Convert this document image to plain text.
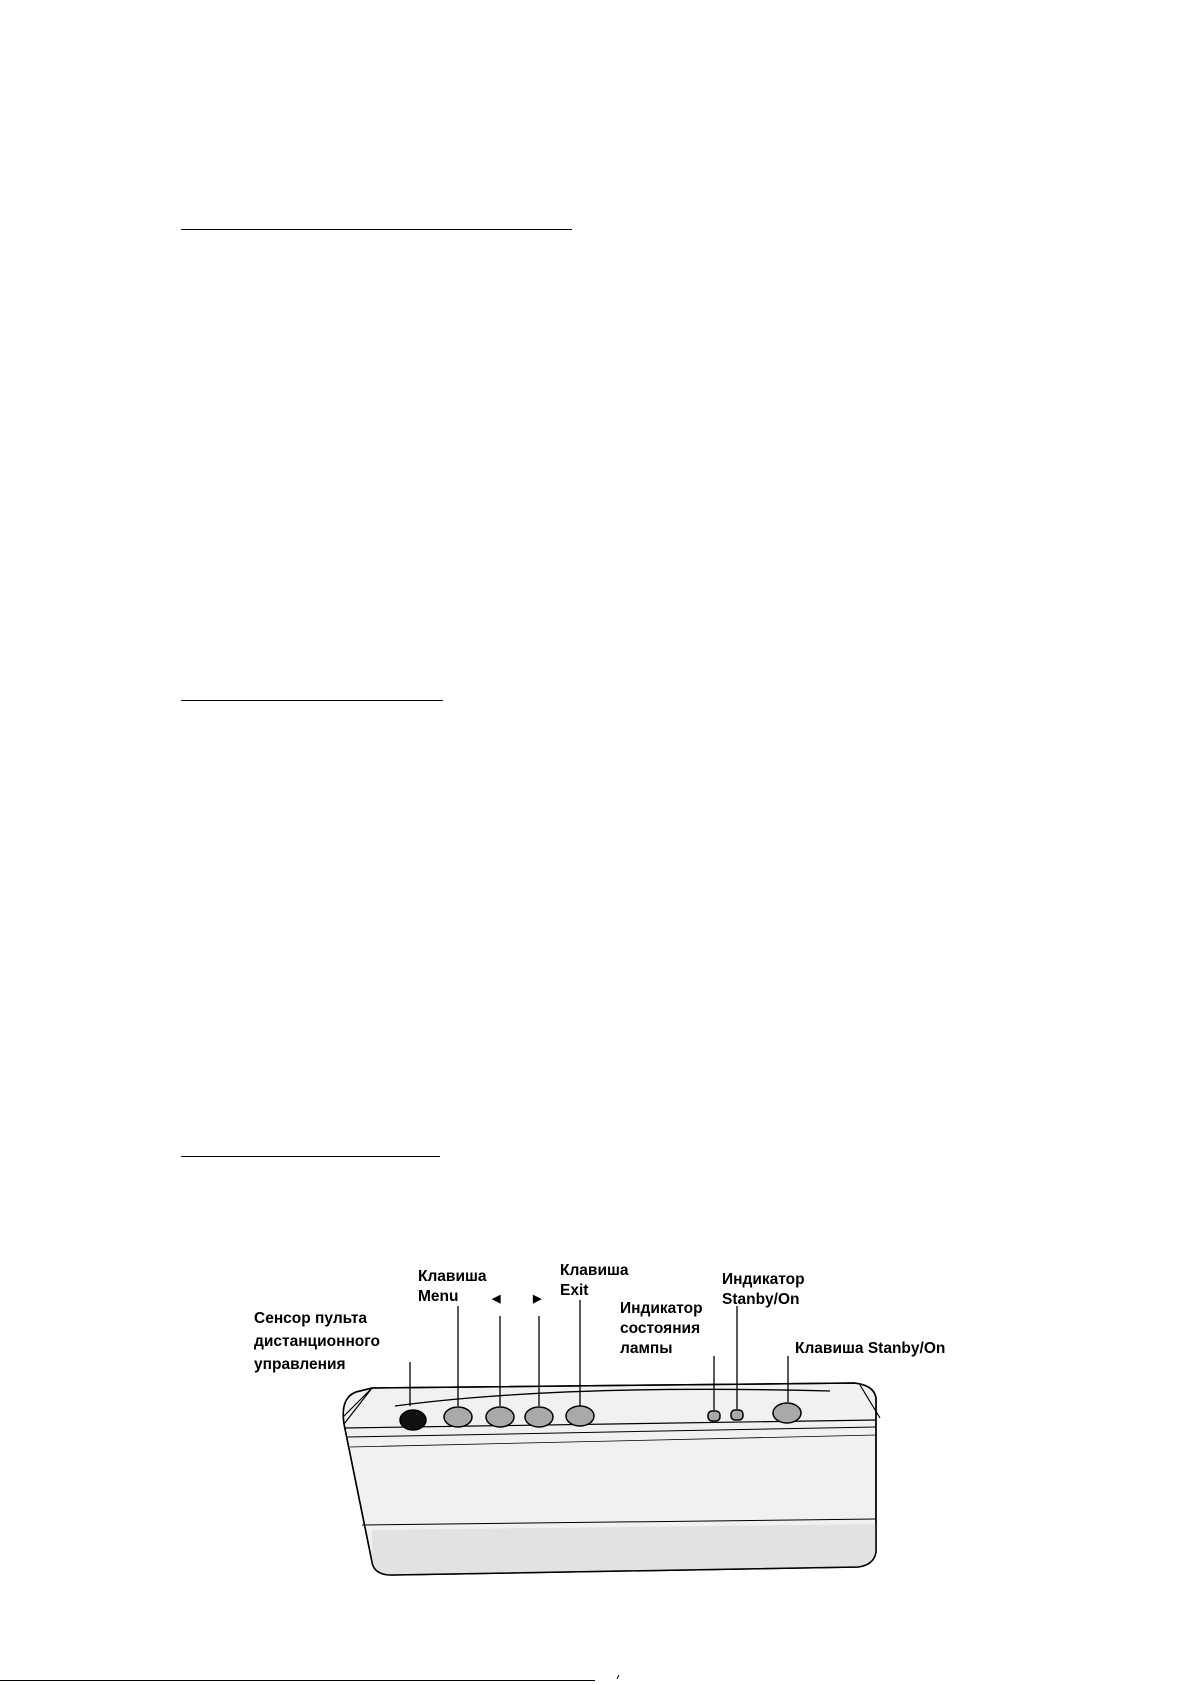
Сенсор пульта дистанционного управления
Клавиша Menu	◀	▶
Клавиша Exit
Индикатор состояния лампы
Индикатор Stanby/On
Клавиша Stanby/On
